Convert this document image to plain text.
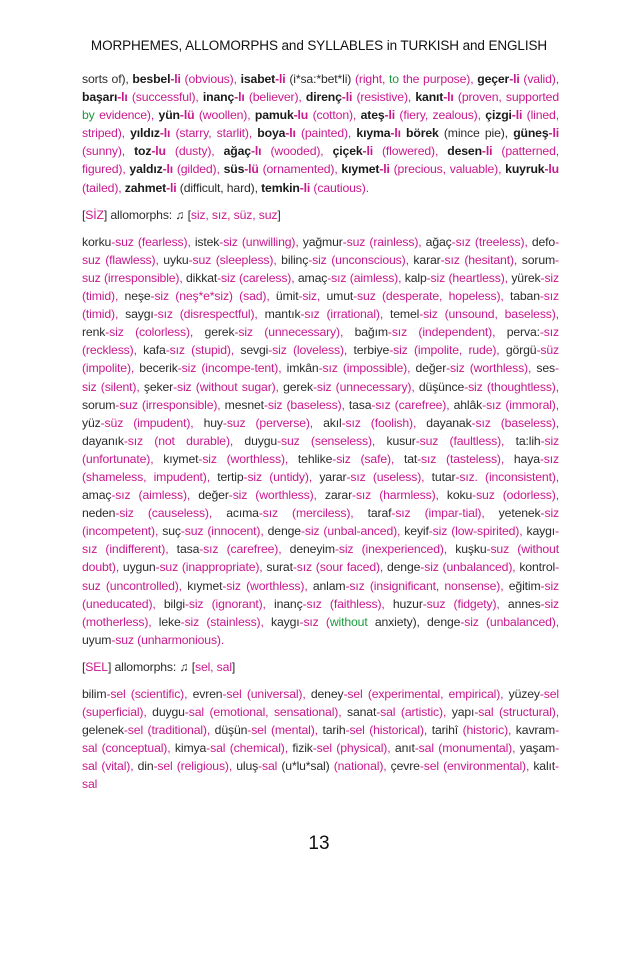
MORPHEMES, ALLOMORPHS and SYLLABLES in TURKISH and ENGLISH

sorts of), besbel-li (obvious), isabet-li (i*sa:*bet*li) (right, to the purpose), geçer-li (valid), başarı-lı (successful), inanç-lı (believer), direnç-li (resistive), kanıt-lı (proven, supported by evidence), yün-lü (woollen), pamuk-lu (cotton), ateş-li (fiery, zealous), çizgi-li (lined, striped), yıldız-lı (starry, starlit), boya-lı (painted), kıyma-lı börek (mince pie), güneş-li (sunny), toz-lu (dusty), ağaç-lı (wooded), çiçek-li (flowered), desen-li (patterned, figured), yaldız-lı (gilded), süs-lü (ornamented), kıymet-li (precious, valuable), kuyruk-lu (tailed), zahmet-li (difficult, hard), temkin-li (cautious).

[SİZ] allomorphs: ♫ [siz, sız, süz, suz]

korku-suz (fearless), istek-siz (unwilling), yağmur-suz (rainless), ağaç-sız (treeless), defo-suz (flawless), uyku-suz (sleepless), bilinç-siz (unconscious), karar-sız (hesitant), sorum-suz (irresponsible), dikkat-siz (careless), amaç-sız (aimless), kalp-siz (heartless), yürek-siz (timid), neşe-siz (neş*e*siz) (sad), ümit-siz, umut-suz (desperate, hopeless), taban-sız (timid), saygı-sız (disrespectful), mantık-sız (irrational), temel-siz (unsound, baseless), renk-siz (colorless), gerek-siz (unnecessary), bağım-sız (independent), perva:-sız (reckless), kafa-sız (stupid), sevgi-siz (loveless), terbiye-siz (impolite, rude), görgü-süz (impolite), becerik-siz (incompe-tent), imkân-sız (impossible), değer-siz (worthless), ses-siz (silent), şeker-siz (without sugar), gerek-siz (unnecessary), düşünce-siz (thoughtless), sorum-suz (irresponsible), mesnet-siz (baseless), tasa-sız (carefree), ahlâk-sız (immoral), yüz-süz (impudent), huy-suz (perverse), akıl-sız (foolish), dayanak-sız (baseless), dayanık-sız (not durable), duygu-suz (senseless), kusur-suz (faultless), ta:lih-siz (unfortunate), kıymet-siz (worthless), tehlike-siz (safe), tat-sız (tasteless), haya-sız (shameless, impudent), tertip-siz (untidy), yarar-sız (useless), tutar-sız. (inconsistent), amaç-sız (aimless), değer-siz (worthless), zarar-sız (harmless), koku-suz (odorless), neden-siz (causeless), acıma-sız (merciless), taraf-sız (impar-tial), yetenek-siz (incompetent), suç-suz (innocent), denge-siz (unbal-anced), keyif-siz (low-spirited), kaygı-sız (indifferent), tasa-sız (carefree), deneyim-siz (inexperienced), kuşku-suz (without doubt), uygun-suz (inappropriate), surat-sız (sour faced), denge-siz (unbalanced), kontrol-suz (uncontrolled), kıymet-siz (worthless), anlam-sız (insignificant, nonsense), eğitim-siz (uneducated), bilgi-siz (ignorant), inanç-sız (faithless), huzur-suz (fidgety), annes-siz (motherless), leke-siz (stainless), kaygı-sız (without anxiety), denge-siz (unbalanced), uyum-suz (unharmonious).

[SEL] allomorphs: ♫ [sel, sal]

bilim-sel (scientific), evren-sel (universal), deney-sel (experimental, empirical), yüzey-sel (superficial), duygu-sal (emotional, sensational), sanat-sal (artistic), yapı-sal (structural), gelenek-sel (traditional), düşün-sel (mental), tarih-sel (historical), tarihî (historic), kavram-sal (conceptual), kimya-sal (chemical), fizik-sel (physical), anıt-sal (monumental), yaşam-sal (vital), din-sel (religious), uluş-sal (u*lu*sal) (national), çevre-sel (environmental), kalıt-sal

13
